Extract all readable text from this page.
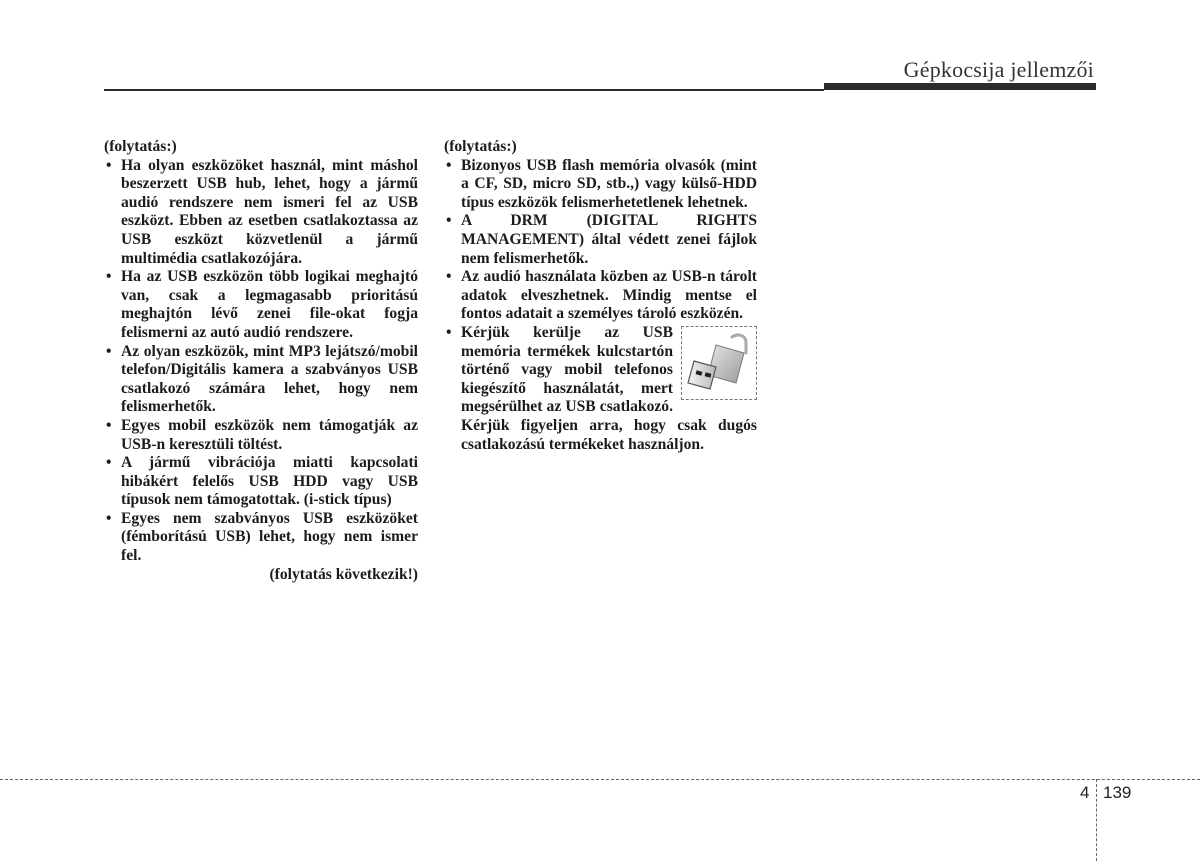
Gépkocsija jellemzői

(folytatás:)

• Ha olyan eszközöket használ, mint máshol beszerzett USB hub, lehet, hogy a jármű audió rendszere nem ismeri fel az USB eszközt. Ebben az esetben csatlakoztassa az USB eszközt közvetlenül a jármű multimédia csatlakozójára.
• Ha az USB eszközön több logikai meghajtó van, csak a legmagasabb prioritású meghajtón lévő zenei file-okat fogja felismerni az autó audió rendszere.
• Az olyan eszközök, mint MP3 lejátszó/mobil telefon/Digitális kamera a szabványos USB csatlakozó számára lehet, hogy nem felismerhetők.
• Egyes mobil eszközök nem támogatják az USB-n keresztüli töltést.
• A jármű vibrációja miatti kapcsolati hibákért felelős USB HDD vagy USB típusok nem támogatottak. (i-stick típus)
• Egyes nem szabványos USB eszközöket (fémborítású USB) lehet, hogy nem ismer fel.
(folytatás következik!)

(folytatás:)

• Bizonyos USB flash memória olvasók (mint a CF, SD, micro SD, stb.,) vagy külső-HDD típus eszközök felismerhetetlenek lehetnek.
• A DRM (DIGITAL RIGHTS MANAGEMENT) által védett zenei fájlok nem felismerhetők.
• Az audió használata közben az USB-n tárolt adatok elveszhetnek. Mindig mentse el fontos adatait a személyes tároló eszközén.
• Kérjük kerülje az USB memória termékek kulcstartón történő vagy mobil telefonos kiegészítő használatát, mert megsérülhet az USB csatlakozó. Kérjük figyeljen arra, hogy csak dugós csatlakozású termékeket használjon.
4 139
